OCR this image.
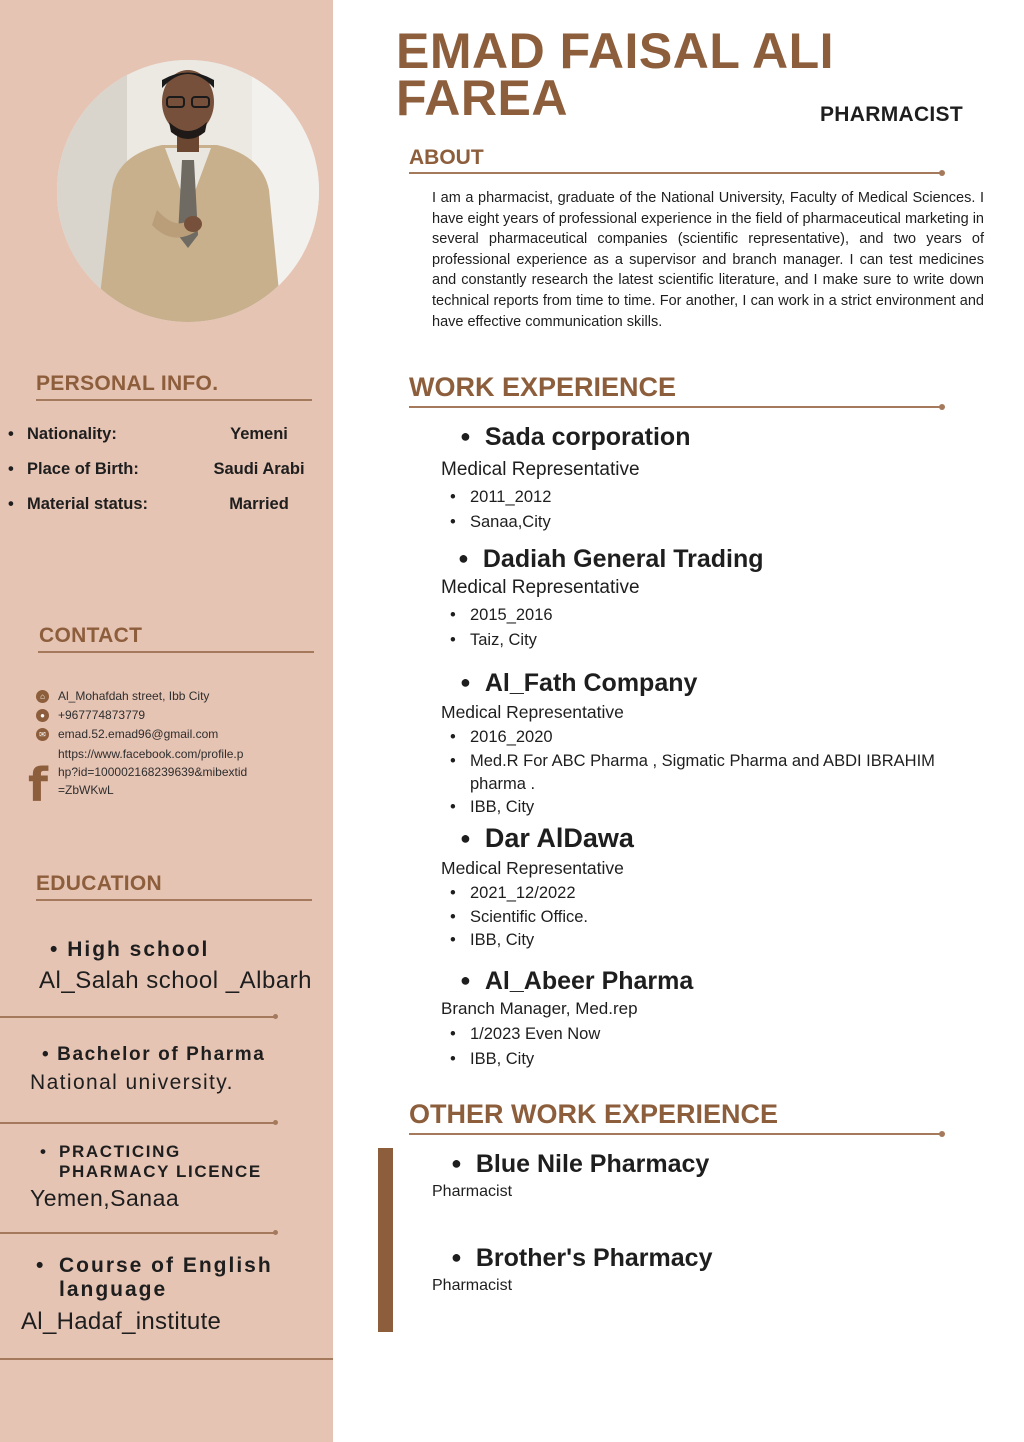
PERSONAL INFO.
• Nationality:	Yemeni
• Place of Birth:	Saudi Arabi
• Material status:	Married
CONTACT
⌂	Al_Mohafdah street, Ibb City
●	+967774873779
✉ emad.52.emad96@gmail.com
f
https://www.facebook.com/profile.php?id=100002168239639&mibextid=ZbWKwL
EDUCATION
• High school
Al_Salah school _Albarh
• Bachelor of Pharma
National university.
• PRACTICING PHARMACY LICENCE
Yemen,Sanaa
• Course of English language
Al_Hadaf_institute
EMAD FAISAL ALI FAREA	PHARMACIST
ABOUT
I am a pharmacist, graduate of the National University, Faculty of Medical Sciences. I have eight years of professional experience in the field of pharmaceutical marketing in several pharmaceutical companies (scientific representative), and two years of professional experience as a supervisor and branch manager. I can test medicines and constantly research the latest scientific literature, and I make sure to write down technical reports from time to time. For another, I can work in a strict environment and have effective communication skills.
WORK EXPERIENCE
● Sada corporation
Medical Representative
• 2011_2012
• Sanaa,City
● Dadiah General Trading
Medical Representative
• 2015_2016
• Taiz, City
● Al_Fath Company
Medical Representative
• 2016_2020
• Med.R For ABC Pharma , Sigmatic Pharma and ABDI IBRAHIM pharma .
• IBB, City
● Dar AlDawa
Medical Representative
• 2021_12/2022
• Scientific Office.
• IBB, City
● Al_Abeer Pharma
Branch Manager, Med.rep
• 1/2023 Even Now
• IBB, City
OTHER WORK EXPERIENCE
● Blue Nile Pharmacy
Pharmacist
● Brother's Pharmacy
Pharmacist
